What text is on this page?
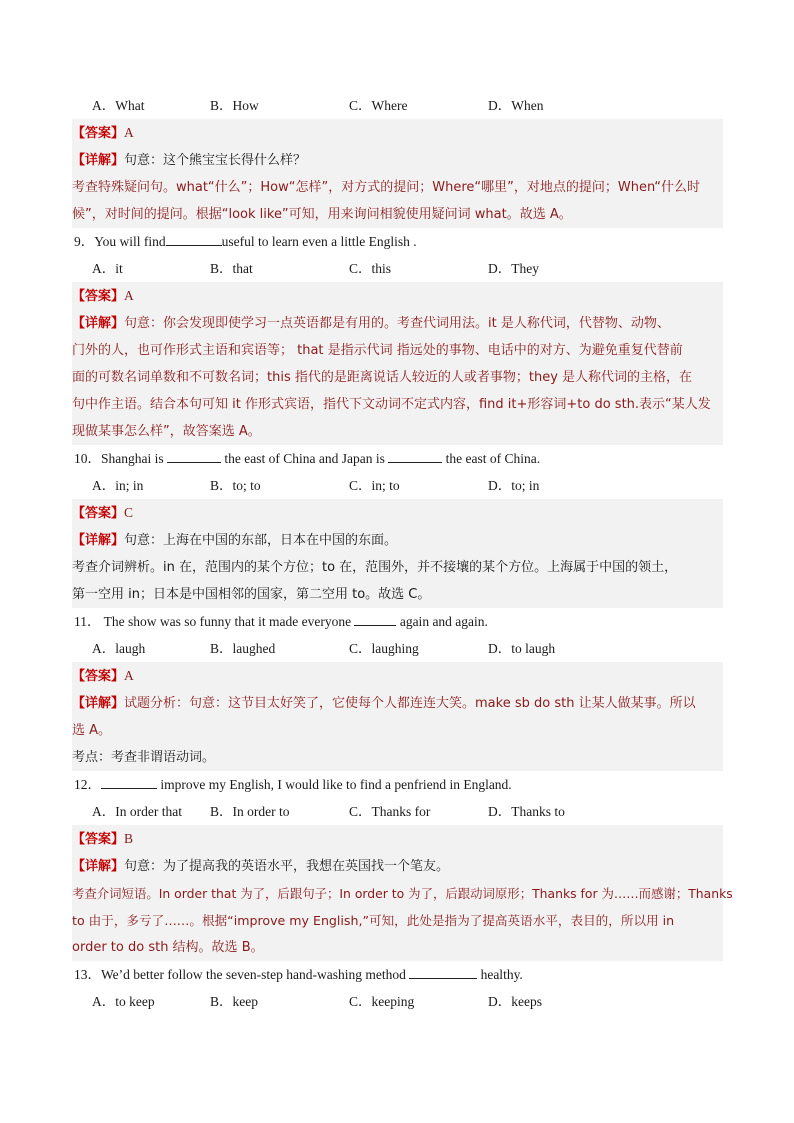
A．What	B．How	C．Where	D．When
【答案】A
【详解】句意：这个熊宝宝长得什么样？
考查特殊疑问句。what“什么”；How“怎样”，对方式的提问；Where“哪里”，对地点的提问；When“什么时
候”，对时间的提问。根据“look like”可知，用来询问相貌使用疑问词 what。故选 A。
9．You will find	useful to learn even a little English .
A．it	B．that	C．this	D．They
【答案】A
【详解】句意：你会发现即使学习一点英语都是有用的。考查代词用法。it 是人称代词，代替物、动物、
门外的人，也可作形式主语和宾语等； that 是指示代词 指远处的事物、电话中的对方、为避免重复代替前
面的可数名词单数和不可数名词；this 指代的是距离说话人较近的人或者事物；they 是人称代词的主格，在
句中作主语。结合本句可知 it 作形式宾语，指代下文动词不定式内容，find it+形容词+to do sth.表示“某人发
现做某事怎么样”，故答案选 A。
10．Shanghai is	the east of China and Japan is	the east of China.
A．in; in	B．to; to	C．in; to	D．to; in
【答案】C
【详解】句意：上海在中国的东部，日本在中国的东面。
考查介词辨析。in 在，范围内的某个方位；to 在，范围外，并不接壤的某个方位。上海属于中国的领土，
第一空用 in；日本是中国相邻的国家，第二空用 to。故选 C。
11． The show was so funny that it made everyone	again and again.
A．laugh	B．laughed	C．laughing	D．to laugh
【答案】A
【详解】试题分析：句意：这节目太好笑了，它使每个人都连连大笑。make sb do sth 让某人做某事。所以
选 A。
考点：考查非谓语动词。
12．	improve my English, I would like to find a penfriend in England.
A．In order that	B．In order to	C．Thanks for	D．Thanks to
【答案】B
【详解】句意：为了提高我的英语水平，我想在英国找一个笔友。
考查介词短语。In order that 为了，后跟句子；In order to 为了，后跟动词原形；Thanks for 为……而感谢；Thanks
to 由于，多亏了……。根据“improve my English,”可知，此处是指为了提高英语水平，表目的，所以用 in
order to do sth 结构。故选 B。
13．We’d better follow the seven-step hand-washing method	healthy.
A．to keep	B．keep	C．keeping	D．keeps
